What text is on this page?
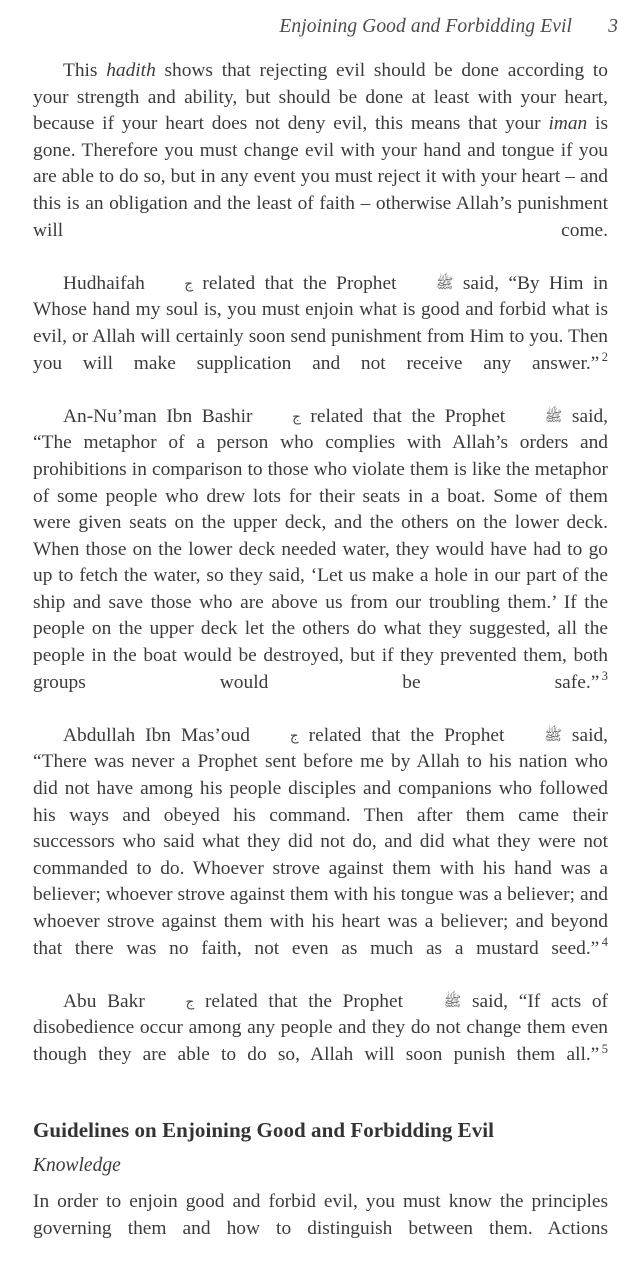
Enjoining Good and Forbidding Evil 3

This hadith shows that rejecting evil should be done according to your strength and ability, but should be done at least with your heart, because if your heart does not deny evil, this means that your iman is gone. Therefore you must change evil with your hand and tongue if you are able to do so, but in any event you must reject it with your heart – and this is an obligation and the least of faith – otherwise Allah’s punishment will come.

Hudhaifah ج related that the Prophet ﷺ said, “By Him in Whose hand my soul is, you must enjoin what is good and forbid what is evil, or Allah will certainly soon send punishment from Him to you. Then you will make supplication and not receive any answer.” $^2$

An-Nu’man Ibn Bashir ج related that the Prophet ﷺ said, “The metaphor of a person who complies with Allah’s orders and prohibitions in comparison to those who violate them is like the metaphor of some people who drew lots for their seats in a boat. Some of them were given seats on the upper deck, and the others on the lower deck. When those on the lower deck needed water, they would have had to go up to fetch the water, so they said, ‘Let us make a hole in our part of the ship and save those who are above us from our troubling them.’ If the people on the upper deck let the others do what they suggested, all the people in the boat would be destroyed, but if they prevented them, both groups would be safe.” $^3$

Abdullah Ibn Mas’oud ج related that the Prophet ﷺ said, “There was never a Prophet sent before me by Allah to his nation who did not have among his people disciples and companions who followed his ways and obeyed his command. Then after them came their successors who said what they did not do, and did what they were not commanded to do. Whoever strove against them with his hand was a believer; whoever strove against them with his tongue was a believer; and whoever strove against them with his heart was a believer; and beyond that there was no faith, not even as much as a mustard seed.” $^4$

Abu Bakr ج related that the Prophet ﷺ said, “If acts of disobedience occur among any people and they do not change them even though they are able to do so, Allah will soon punish them all.” $^5$

Guidelines on Enjoining Good and Forbidding Evil
Knowledge

In order to enjoin good and forbid evil, you must know the principles governing them and how to distinguish between them. Actions
